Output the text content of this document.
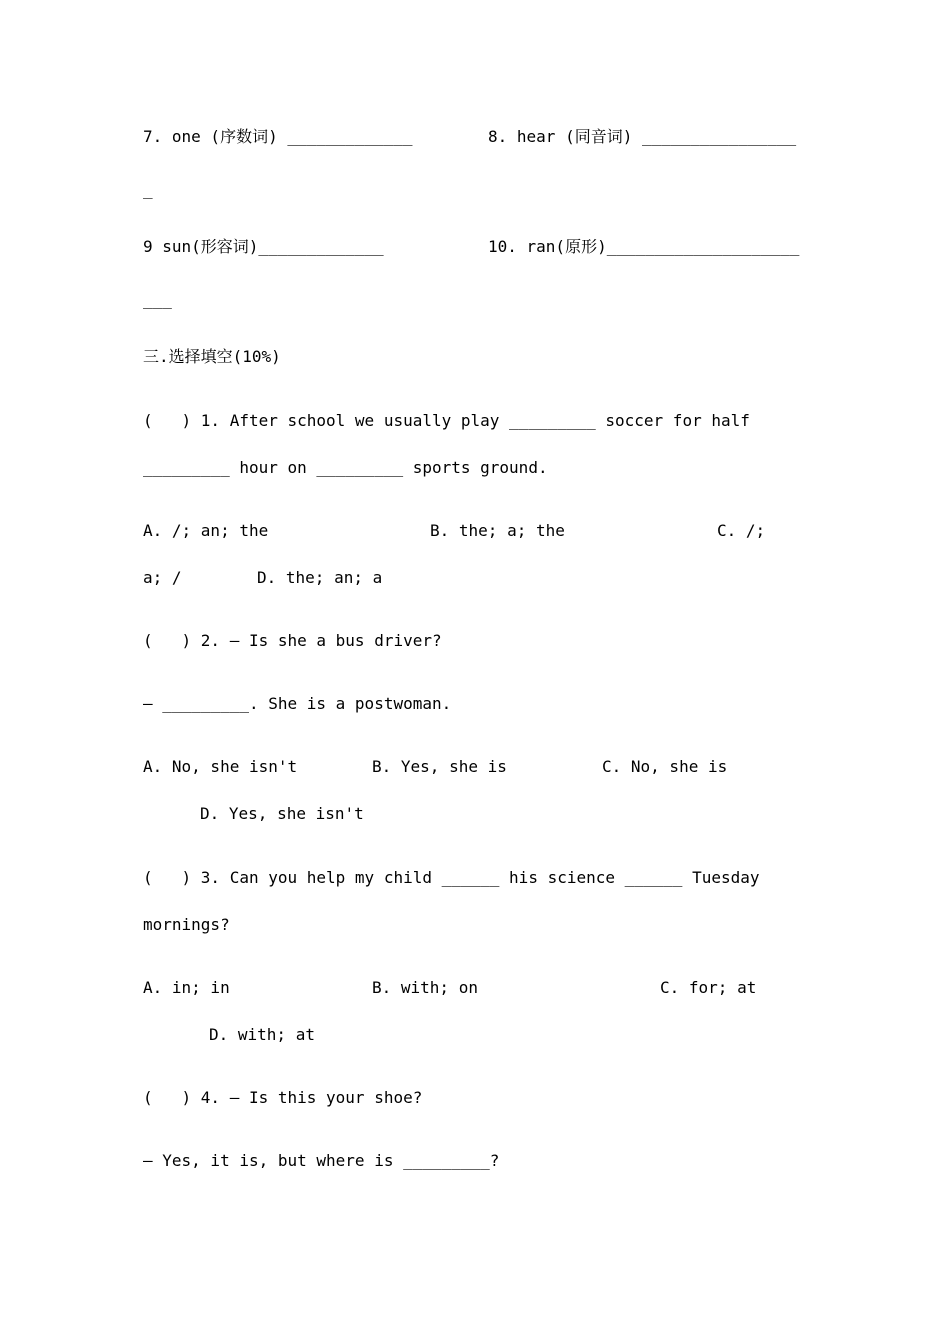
7. one (序数词) _____________	8. hear (同音词) ________________
_
9 sun(形容词)_____________	10. ran(原形)____________________
___
三.选择填空(10%)
(   ) 1. After school we usually play _________ soccer for half
_________ hour on _________ sports ground.
A. /; an; the	B. the; a; the	C. /;
a; /	D. the; an; a
(   ) 2. — Is she a bus driver?
— _________. She is a postwoman.
A. No, she isn't	B. Yes, she is	C. No, she is
D. Yes, she isn't
(   ) 3. Can you help my child ______ his science ______ Tuesday
mornings?
A. in; in	B. with; on	C. for; at
D. with; at
(   ) 4. — Is this your shoe?
— Yes, it is, but where is _________?
